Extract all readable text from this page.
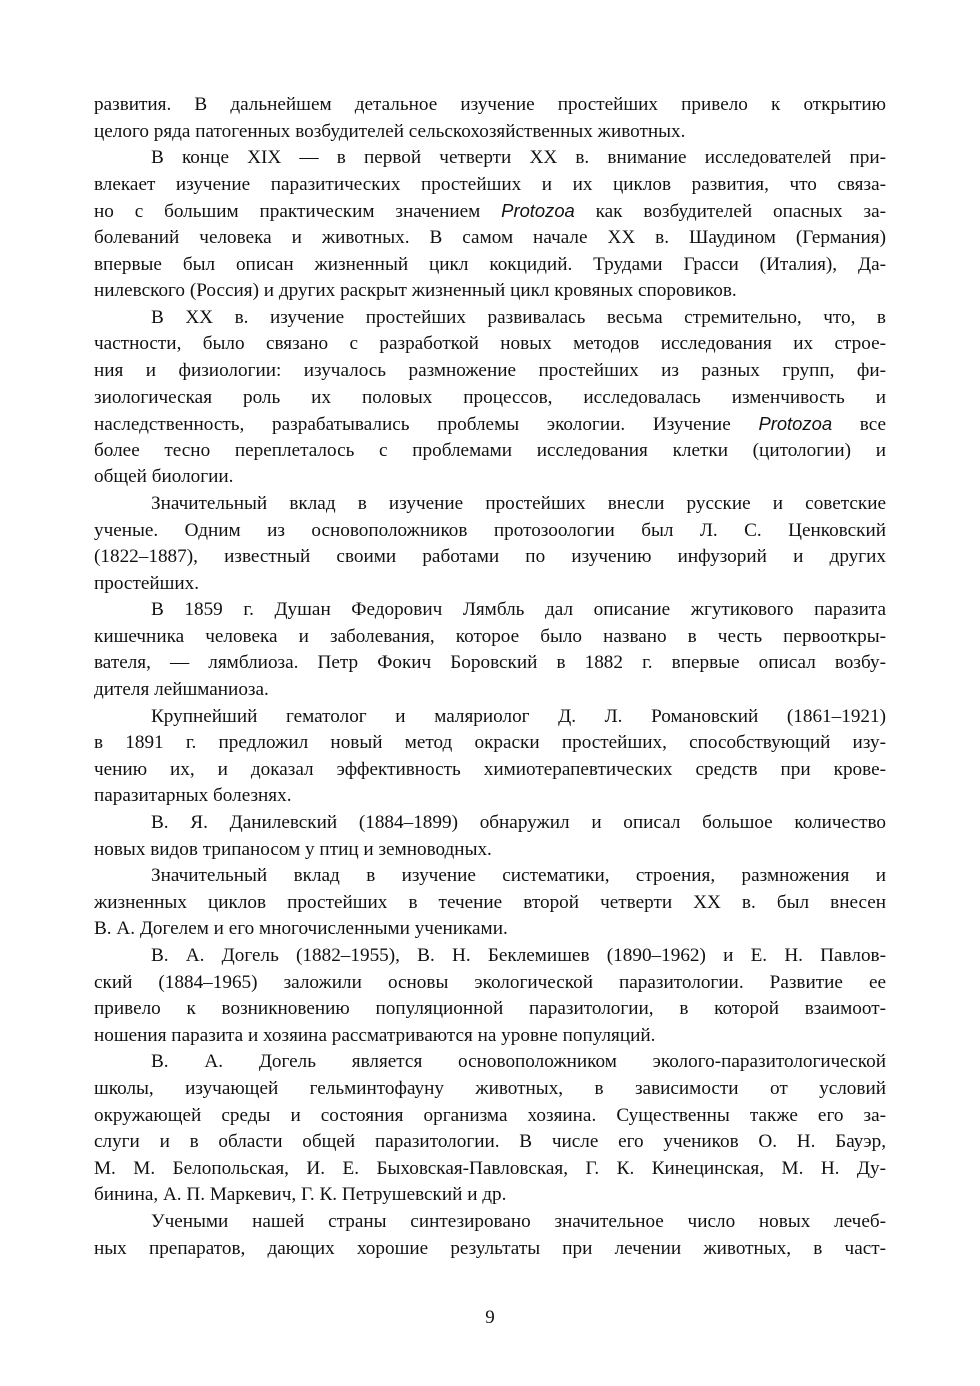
развития. В дальнейшем детальное изучение простейших привело к открытию
целого ряда патогенных возбудителей сельскохозяйственных животных.
В конце XIX — в первой четверти XX в. внимание исследователей при-
влекает изучение паразитических простейших и их циклов развития, что связа-
но с большим практическим значением Protozoa как возбудителей опасных за-
болеваний человека и животных. В самом начале XX в. Шаудином (Германия)
впервые был описан жизненный цикл кокцидий. Трудами Грасси (Италия), Да-
нилевского (Россия) и других раскрыт жизненный цикл кровяных споровиков.
В XX в. изучение простейших развивалась весьма стремительно, что, в
частности, было связано с разработкой новых методов исследования их строе-
ния и физиологии: изучалось размножение простейших из разных групп, фи-
зиологическая роль их половых процессов, исследовалась изменчивость и
наследственность, разрабатывались проблемы экологии. Изучение Protozoa все
более тесно переплеталось с проблемами исследования клетки (цитологии) и
общей биологии.
Значительный вклад в изучение простейших внесли русские и советские
ученые. Одним из основоположников протозоологии был Л. С. Ценковский
(1822–1887), известный своими работами по изучению инфузорий и других
простейших.
В 1859 г. Душан Федорович Лямбль дал описание жгутикового паразита
кишечника человека и заболевания, которое было названо в честь первооткры-
вателя, — лямблиоза. Петр Фокич Боровский в 1882 г. впервые описал возбу-
дителя лейшманиоза.
Крупнейший гематолог и маляриолог Д. Л. Романовский (1861–1921)
в 1891 г. предложил новый метод окраски простейших, способствующий изу-
чению их, и доказал эффективность химиотерапевтических средств при крове-
паразитарных болезнях.
В. Я. Данилевский (1884–1899) обнаружил и описал большое количество
новых видов трипаносом у птиц и земноводных.
Значительный вклад в изучение систематики, строения, размножения и
жизненных циклов простейших в течение второй четверти XX в. был внесен
В. А. Догелем и его многочисленными учениками.
В. А. Догель (1882–1955), В. Н. Беклемишев (1890–1962) и Е. Н. Павлов-
ский (1884–1965) заложили основы экологической паразитологии. Развитие ее
привело к возникновению популяционной паразитологии, в которой взаимоот-
ношения паразита и хозяина рассматриваются на уровне популяций.
В. А. Догель является основоположником эколого-паразитологической
школы, изучающей гельминтофауну животных, в зависимости от условий
окружающей среды и состояния организма хозяина. Существенны также его за-
слуги и в области общей паразитологии. В числе его учеников О. Н. Бауэр,
М. М. Белопольская, И. Е. Быховская-Павловская, Г. К. Кинецинская, М. Н. Ду-
бинина, А. П. Маркевич, Г. К. Петрушевский и др.
Учеными нашей страны синтезировано значительное число новых лечеб-
ных препаратов, дающих хорошие результаты при лечении животных, в част-
9
